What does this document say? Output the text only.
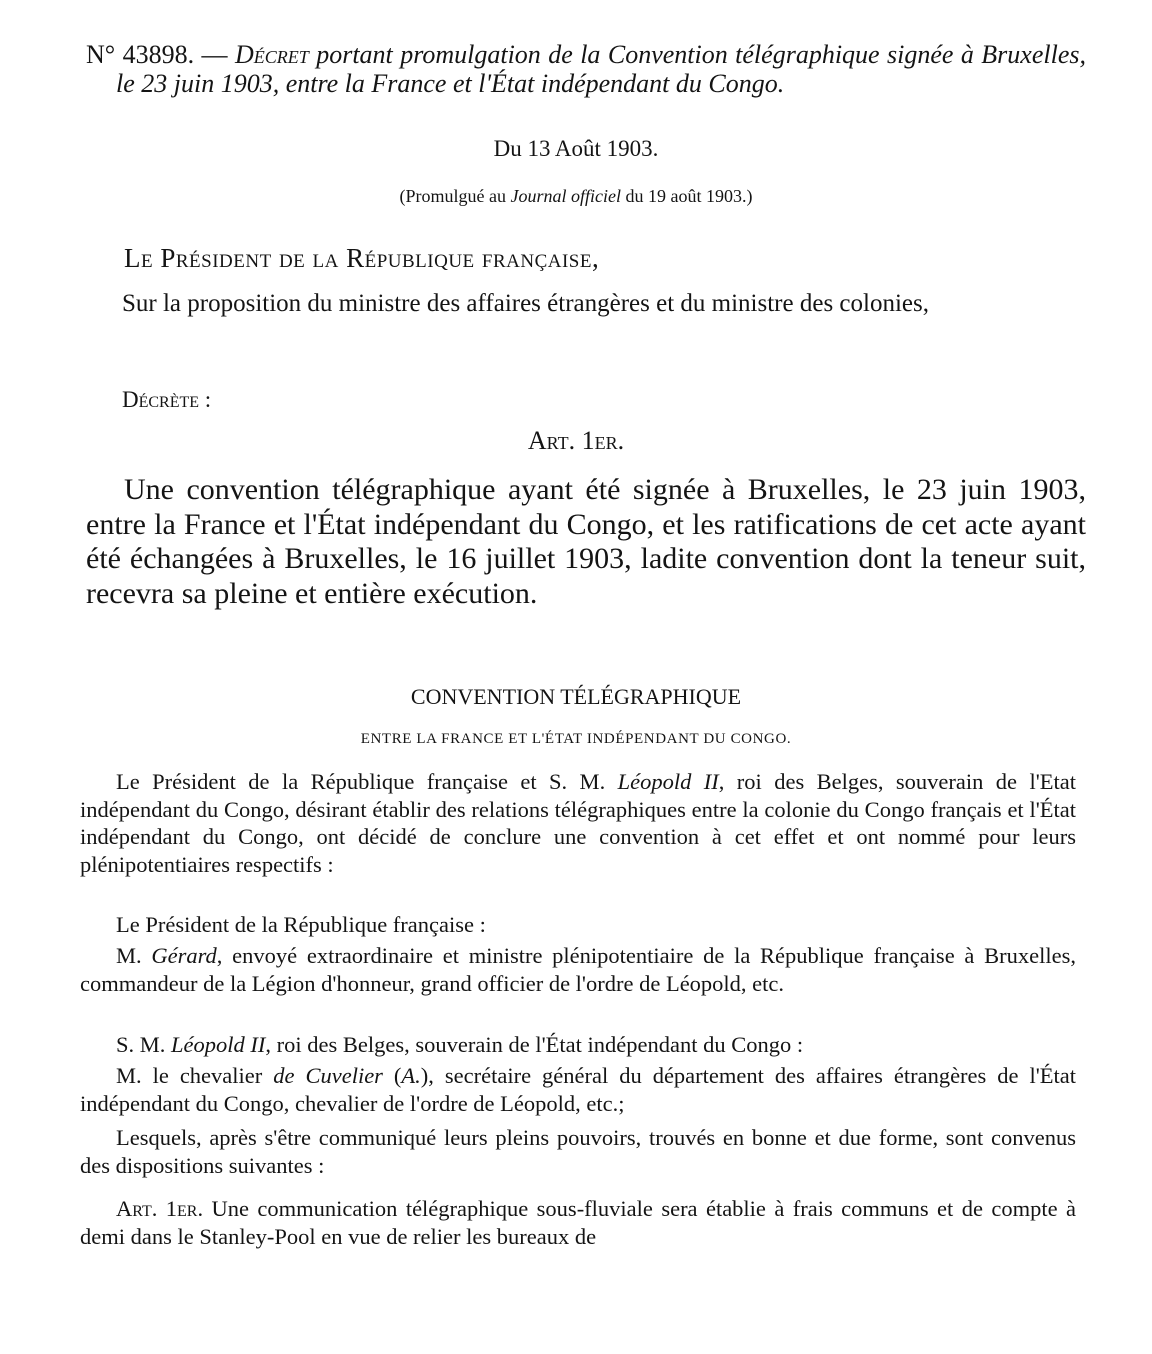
N° 43898. — Décret portant promulgation de la Convention télégraphique signée à Bruxelles, le 23 juin 1903, entre la France et l'État indépendant du Congo.

Du 13 Août 1903.
(Promulgué au Journal officiel du 19 août 1903.)
Le Président de la République française,

Sur la proposition du ministre des affaires étrangères et du ministre des colonies,

Décrète :
Art. 1er.

Une convention télégraphique ayant été signée à Bruxelles, le 23 juin 1903, entre la France et l'État indépendant du Congo, et les ratifications de cet acte ayant été échangées à Bruxelles, le 16 juillet 1903, ladite convention dont la teneur suit, recevra sa pleine et entière exécution.

CONVENTION TÉLÉGRAPHIQUE
ENTRE LA FRANCE ET L'ÉTAT INDÉPENDANT DU CONGO.

Le Président de la République française et S. M. Léopold II, roi des Belges, souverain de l'Etat indépendant du Congo, désirant établir des relations télégraphiques entre la colonie du Congo français et l'État indépendant du Congo, ont décidé de conclure une convention à cet effet et ont nommé pour leurs plénipotentiaires respectifs :

Le Président de la République française :

M. Gérard, envoyé extraordinaire et ministre plénipotentiaire de la République française à Bruxelles, commandeur de la Légion d'honneur, grand officier de l'ordre de Léopold, etc.

S. M. Léopold II, roi des Belges, souverain de l'État indépendant du Congo :

M. le chevalier de Cuvelier (A.), secrétaire général du département des affaires étrangères de l'État indépendant du Congo, chevalier de l'ordre de Léopold, etc.;

Lesquels, après s'être communiqué leurs pleins pouvoirs, trouvés en bonne et due forme, sont convenus des dispositions suivantes :

Art. 1er. Une communication télégraphique sous-fluviale sera établie à frais communs et de compte à demi dans le Stanley-Pool en vue de relier les bureaux de
